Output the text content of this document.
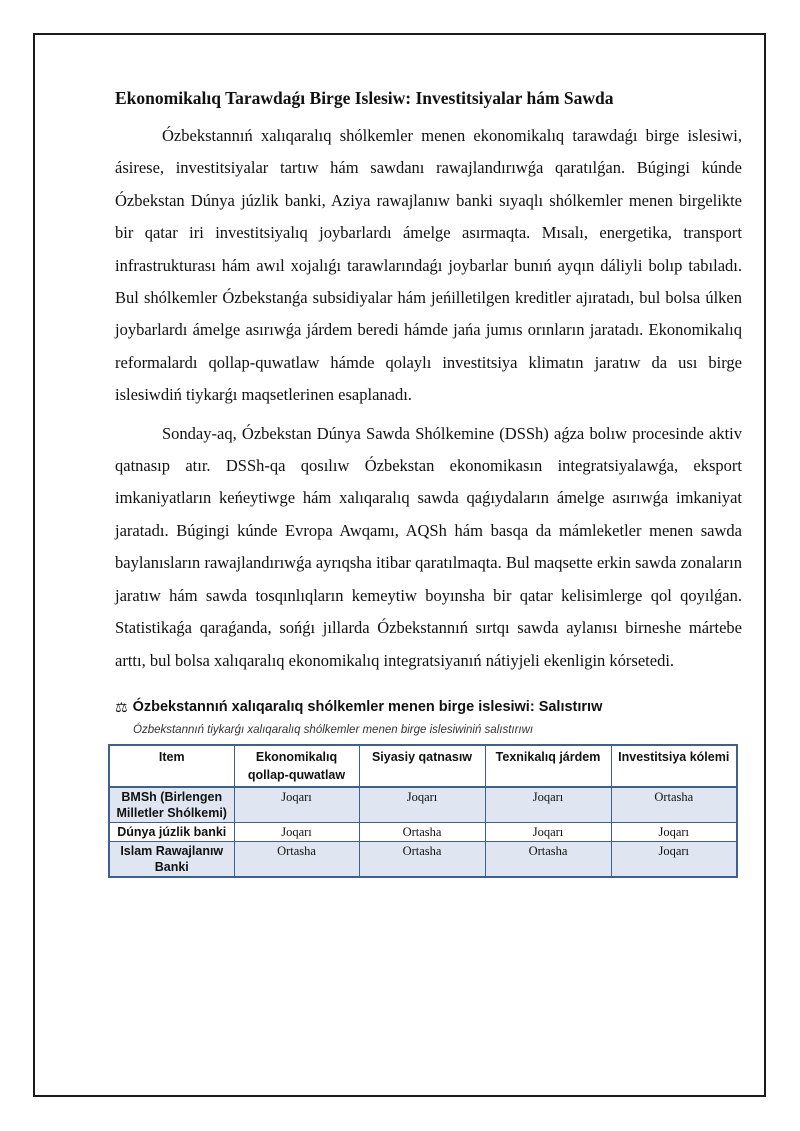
Ekonomikalıq Tarawdaǵı Birge Islesiw: Investitsiyalar hám Sawda

Ózbekstannıń xalıqaralıq shólkemler menen ekonomikalıq tarawdaǵı birge islesiwi, ásirese, investitsiyalar tartıw hám sawdanı rawajlandırıwǵa qaratılǵan. Búgingi kúnde Ózbekstan Dúnya júzlik banki, Aziya rawajlanıw banki sıyaqlı shólkemler menen birgelikte bir qatar iri investitsiyalıq joybarlardı ámelge asırmaqta. Mısalı, energetika, transport infrastrukturası hám awıl xojalıǵı tarawlarındaǵı joybarlar bunıń ayqın dáliyli bolıp tabıladı. Bul shólkemler Ózbekstanǵa subsidiyalar hám jeńilletilgen kreditler ajıratadı, bul bolsa úlken joybarlardı ámelge asırıwǵa járdem beredi hámde jańa jumıs orınların jaratadı. Ekonomikalıq reformalardı qollap-quwatlaw hámde qolaylı investitsiya klimatın jaratıw da usı birge islesiwdiń tiykarǵı maqsetlerinen esaplanadı.

Sonday-aq, Ózbekstan Dúnya Sawda Shólkemine (DSSh) aǵza bolıw procesinde aktiv qatnasıp atır. DSSh-qa qosılıw Ózbekstan ekonomikasın integratsiyalawǵa, eksport imkaniyatların keńeytiwge hám xalıqaralıq sawda qaǵıydaların ámelge asırıwǵa imkaniyat jaratadı. Búgingi kúnde Evropa Awqamı, AQSh hám basqa da mámleketler menen sawda baylanısların rawajlandırıwǵa ayrıqsha itibar qaratılmaqta. Bul maqsette erkin sawda zonaların jaratıw hám sawda tosqınlıqların kemeytiw boyınsha bir qatar kelisimlerge qol qoyılǵan. Statistikaǵa qaraǵanda, sońǵı jıllarda Ózbekstannıń sırtqı sawda aylanısı birneshe mártebe arttı, bul bolsa xalıqaralıq ekonomikalıq integratsiyanıń nátiyjeli ekenligin kórsetedi.

⚖ Ózbekstannıń xalıqaralıq shólkemler menen birge islesiwi: Salıstırıw
Ózbekstannıń tiykarǵı xalıqaralıq shólkemler menen birge islesiwiniń salıstırıwı
Item	Ekonomikalıq qollap-quwatlaw	Siyasiy qatnasıw	Texnikalıq járdem	Investitsiya kólemi
BMSh (Birlengen Milletler Shólkemi)	Joqarı	Joqarı	Joqarı	Ortasha
Dúnya júzlik banki	Joqarı	Ortasha	Joqarı	Joqarı
Islam Rawajlanıw Banki	Ortasha	Ortasha	Ortasha	Joqarı
